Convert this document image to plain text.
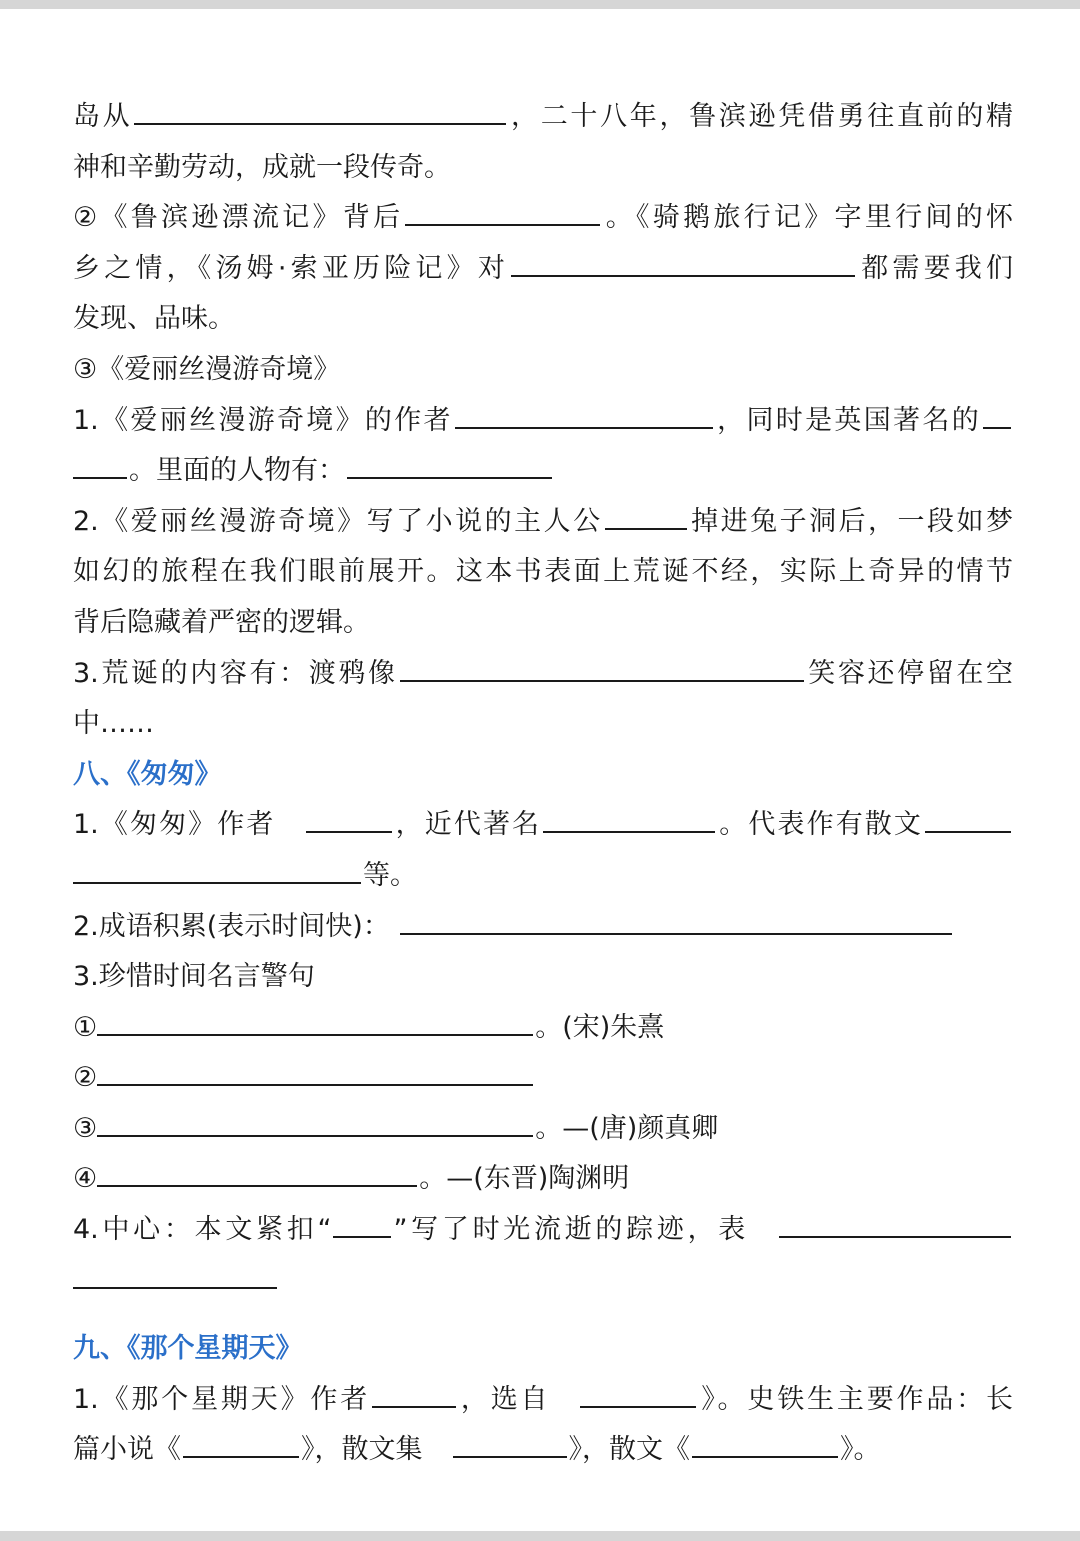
岛从	，二十八年，鲁滨逊凭借勇往直前的精
神和辛勤劳动，成就一段传奇。
②《鲁滨逊漂流记》背后	。《骑鹅旅行记》字里行间的怀
乡之情，《汤姆·索亚历险记》对	都需要我们
发现、品味。
③《爱丽丝漫游奇境》
1.《爱丽丝漫游奇境》的作者	，同时是英国著名的
。里面的人物有：
2.《爱丽丝漫游奇境》写了小说的主人公	掉进兔子洞后，一段如梦
如幻的旅程在我们眼前展开。这本书表面上荒诞不经，实际上奇异的情节
背后隐藏着严密的逻辑。
3.荒诞的内容有：渡鸦像	笑容还停留在空
中……
八、《匆匆》
1.《匆匆》作者	，近代著名	。代表作有散文
等。
2.成语积累(表示时间快)：
3.珍惜时间名言警句
①	。(宋)朱熹
②
③	。—(唐)颜真卿
④	。—(东晋)陶渊明
4.中心：本文紧扣“ ”写了时光流逝的踪迹，表
九、《那个星期天》
1.《那个星期天》作者	，选自	》。史铁生主要作品：长
篇小说《	》，散文集	》，散文《	》。
